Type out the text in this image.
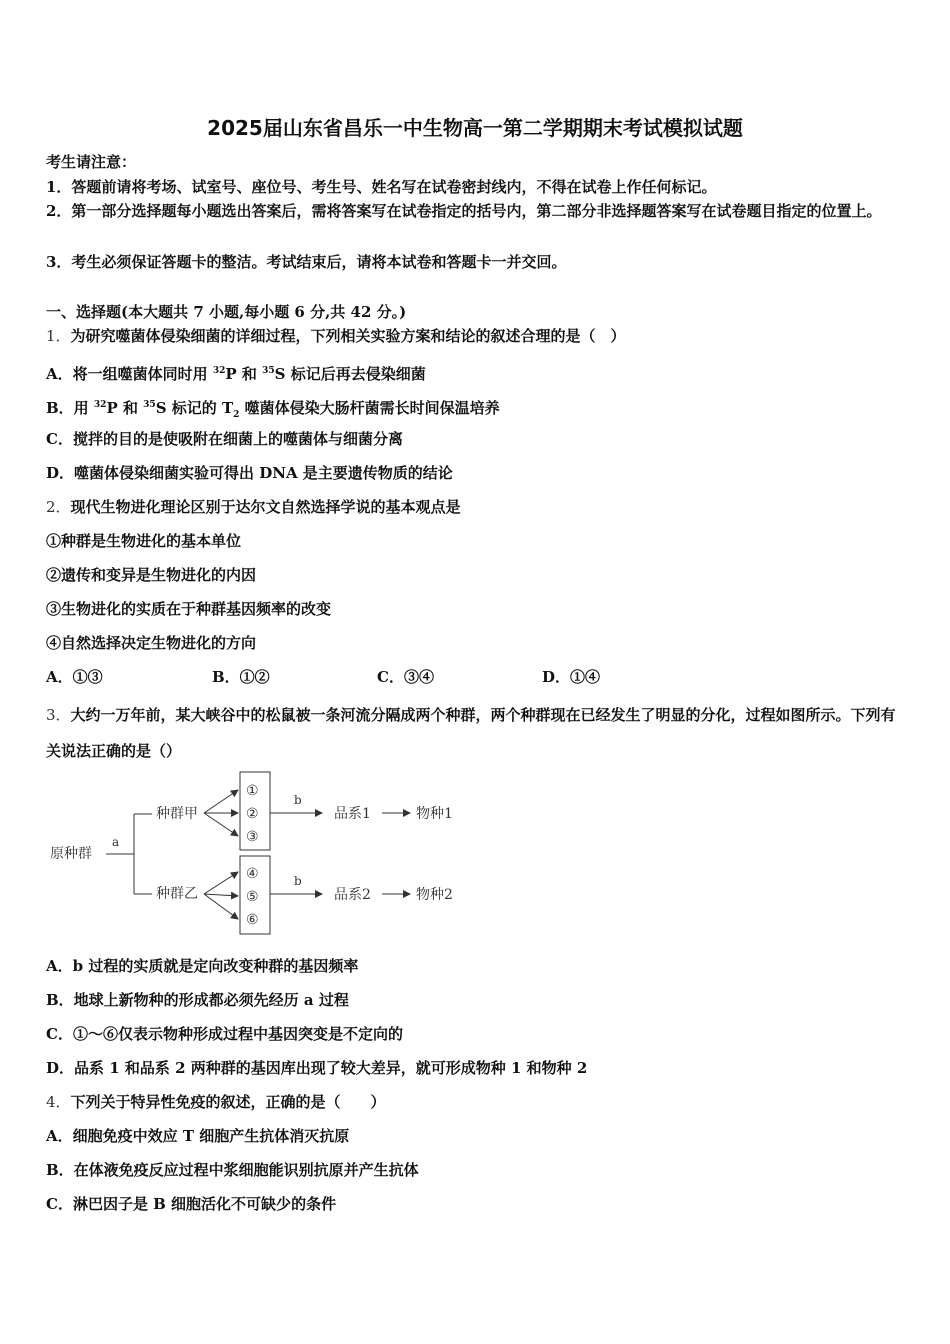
2025届山东省昌乐一中生物高一第二学期期末考试模拟试题
考生请注意：
1．答题前请将考场、试室号、座位号、考生号、姓名写在试卷密封线内，不得在试卷上作任何标记。
2．第一部分选择题每小题选出答案后，需将答案写在试卷指定的括号内，第二部分非选择题答案写在试卷题目指定的位置上。
3．考生必须保证答题卡的整洁。考试结束后，请将本试卷和答题卡一并交回。
一、选择题(本大题共 7 小题,每小题 6 分,共 42 分。)
1．为研究噬菌体侵染细菌的详细过程，下列相关实验方案和结论的叙述合理的是（　）
A．将一组噬菌体同时用 $^{32}$P 和 $^{35}$S 标记后再去侵染细菌
B．用 $^{32}$P 和 $^{35}$S 标记的 $T_2$ 噬菌体侵染大肠杆菌需长时间保温培养
C．搅拌的目的是使吸附在细菌上的噬菌体与细菌分离
D．噬菌体侵染细菌实验可得出 DNA 是主要遗传物质的结论
2．现代生物进化理论区别于达尔文自然选择学说的基本观点是
①种群是生物进化的基本单位
②遗传和变异是生物进化的内因
③生物进化的实质在于种群基因频率的改变
④自然选择决定生物进化的方向
A．①③	B．①②	C．③④	D．①④
3．大约一万年前，某大峡谷中的松鼠被一条河流分隔成两个种群，两个种群现在已经发生了明显的分化，过程如图所示。下列有关说法正确的是（）
原种群
a
种群甲
①
②
③
b
品系1	物种1
种群乙
④
⑤
⑥
b
品系2	物种2
A．b 过程的实质就是定向改变种群的基因频率
B．地球上新物种的形成都必须先经历 a 过程
C．①～⑥仅表示物种形成过程中基因突变是不定向的
D．品系 1 和品系 2 两种群的基因库出现了较大差异，就可形成物种 1 和物种 2
4．下列关于特异性免疫的叙述，正确的是（　　）
A．细胞免疫中效应 T 细胞产生抗体消灭抗原
B．在体液免疫反应过程中浆细胞能识别抗原并产生抗体
C．淋巴因子是 B 细胞活化不可缺少的条件
